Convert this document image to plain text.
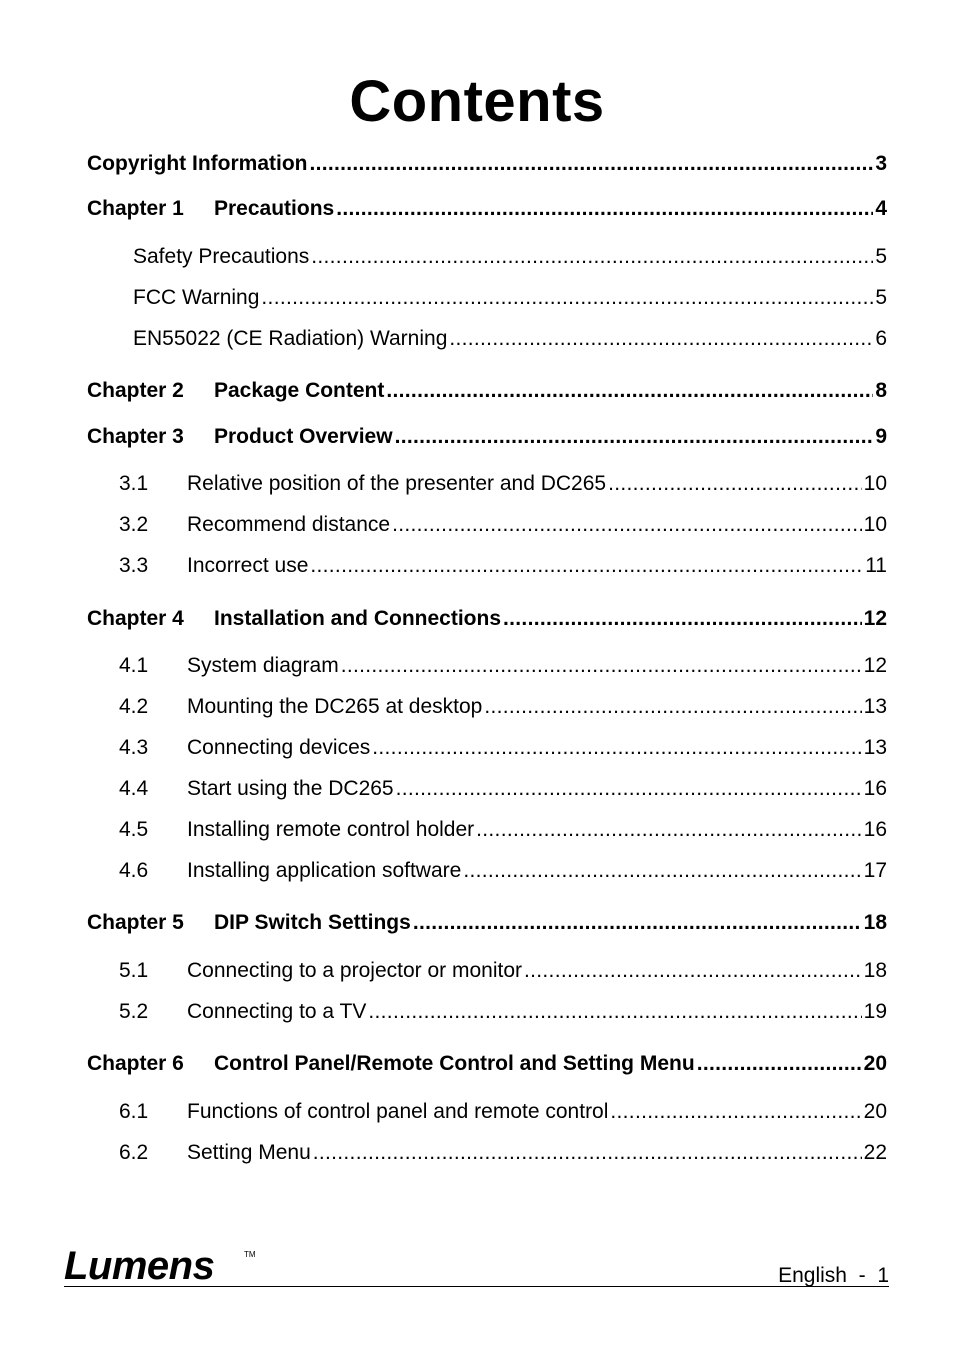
Contents
Copyright Information .....	3
Chapter 1	Precautions .....	4
Safety Precautions .....	5
FCC Warning .....	5
EN55022 (CE Radiation) Warning .....	6
Chapter 2	Package Content .....	8
Chapter 3	Product Overview .....	9
3.1	Relative position of the presenter and DC265 .....	10
3.2	Recommend distance .....	10
3.3	Incorrect use .....	11
Chapter 4	Installation and Connections .....	12
4.1	System diagram .....	12
4.2	Mounting the DC265 at desktop .....	13
4.3	Connecting devices .....	13
4.4	Start using the DC265 .....	16
4.5	Installing remote control holder .....	16
4.6	Installing application software .....	17
Chapter 5	DIP Switch Settings .....	18
5.1	Connecting to a projector or monitor .....	18
5.2	Connecting to a TV .....	19
Chapter 6	Control Panel/Remote Control and Setting Menu .....	20
6.1	Functions of control panel and remote control .....	20
6.2	Setting Menu .....	22
Lumens	TM
English  -  1
